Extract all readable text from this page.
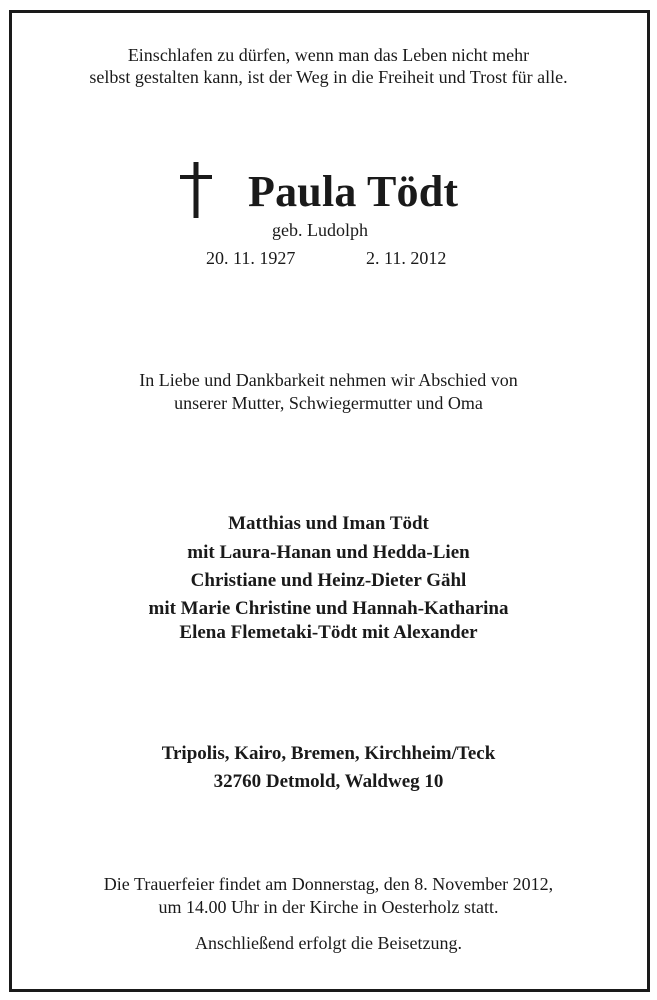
Einschlafen zu dürfen, wenn man das Leben nicht mehr
selbst gestalten kann, ist der Weg in die Freiheit und Trost für alle.
Paula Tödt
geb. Ludolph
20. 11. 1927	2. 11. 2012
In Liebe und Dankbarkeit nehmen wir Abschied von
unserer Mutter, Schwiegermutter und Oma
Matthias und Iman Tödt
mit Laura-Hanan und Hedda-Lien
Christiane und Heinz-Dieter Gähl
mit Marie Christine und Hannah-Katharina
Elena Flemetaki-Tödt mit Alexander
Tripolis, Kairo, Bremen, Kirchheim/Teck
32760 Detmold, Waldweg 10
Die Trauerfeier findet am Donnerstag, den 8. November 2012,
um 14.00 Uhr in der Kirche in Oesterholz statt.
Anschließend erfolgt die Beisetzung.
